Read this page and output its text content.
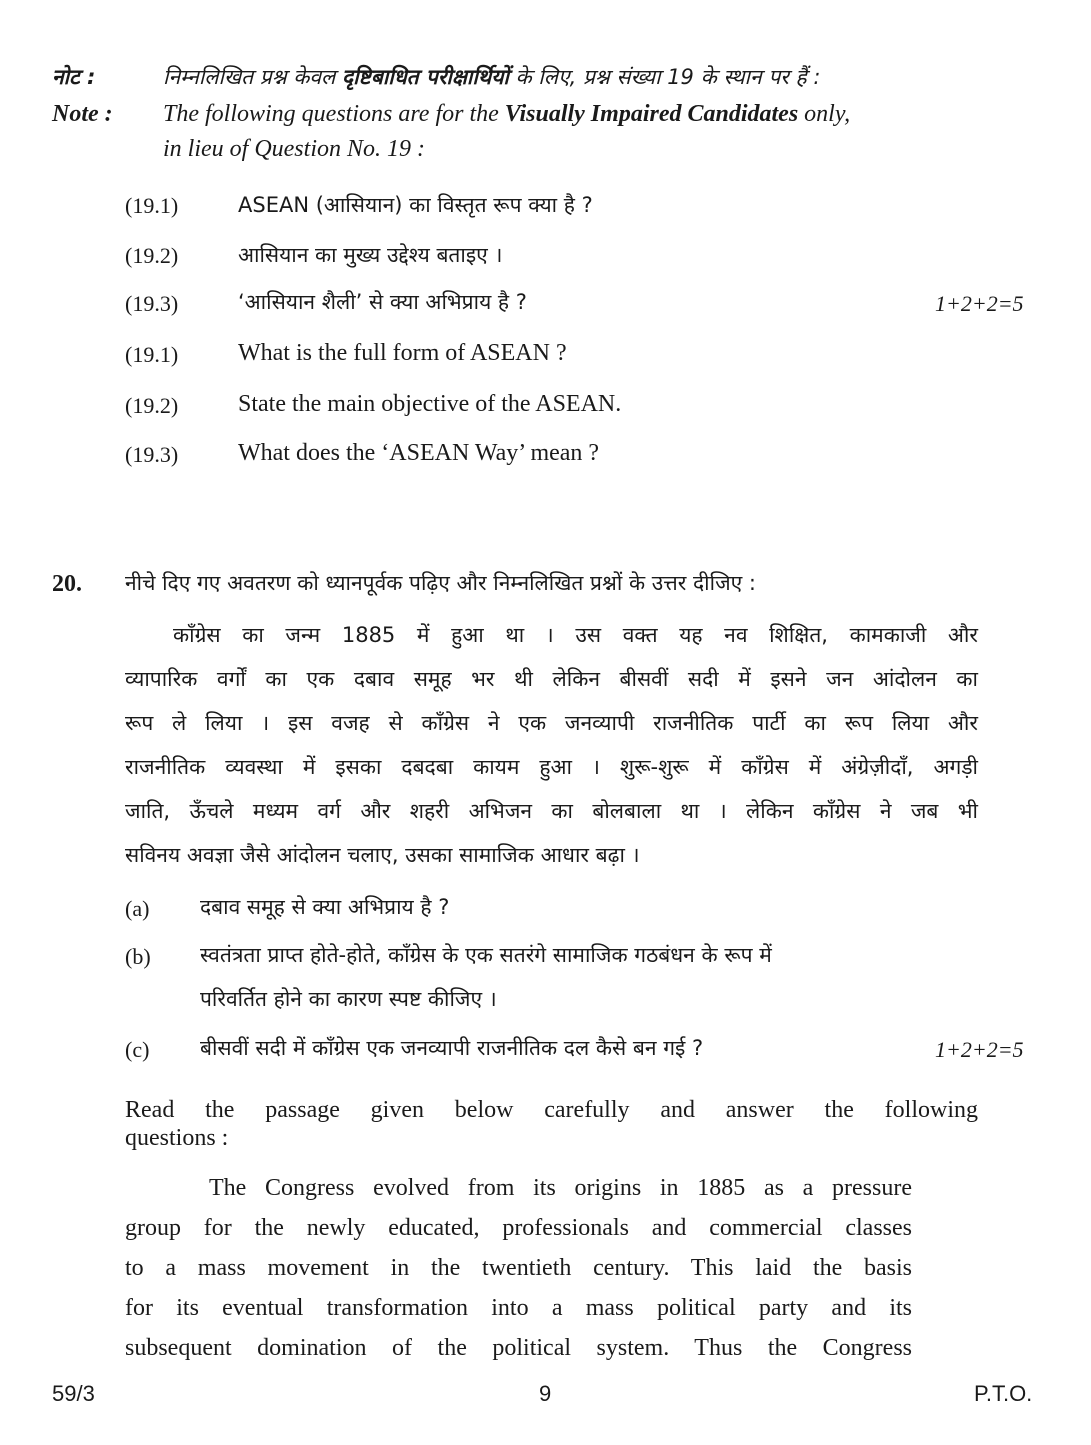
नोट :	निम्नलिखित प्रश्न केवल दृष्टिबाधित परीक्षार्थियों के लिए, प्रश्न संख्या 19 के स्थान पर हैं :
Note : The following questions are for the Visually Impaired Candidates only,
in lieu of Question No. 19 :
(19.1)	ASEAN (आसियान) का विस्तृत रूप क्या है ?
(19.2)	आसियान का मुख्य उद्देश्य बताइए ।
(19.3)	‘आसियान शैली’ से क्या अभिप्राय है ?	1+2+2=5
(19.1) What is the full form of ASEAN ?
(19.2) State the main objective of the ASEAN.
(19.3) What does the ‘ASEAN Way’ mean ?
20. नीचे दिए गए अवतरण को ध्यानपूर्वक पढ़िए और निम्नलिखित प्रश्नों के उत्तर दीजिए :
काँग्रेस का जन्म 1885 में हुआ था । उस वक्त यह नव शिक्षित, कामकाजी और
व्यापारिक वर्गों का एक दबाव समूह भर थी लेकिन बीसवीं सदी में इसने जन आंदोलन का
रूप ले लिया । इस वजह से काँग्रेस ने एक जनव्यापी राजनीतिक पार्टी का रूप लिया और
राजनीतिक व्यवस्था में इसका दबदबा कायम हुआ । शुरू-शुरू में काँग्रेस में अंग्रेज़ीदाँ, अगड़ी
जाति, ऊँचले मध्यम वर्ग और शहरी अभिजन का बोलबाला था । लेकिन काँग्रेस ने जब भी
सविनय अवज्ञा जैसे आंदोलन चलाए, उसका सामाजिक आधार बढ़ा ।
(a) दबाव समूह से क्या अभिप्राय है ?
(b) स्वतंत्रता प्राप्त होते-होते, काँग्रेस के एक सतरंगे सामाजिक गठबंधन के रूप में
परिवर्तित होने का कारण स्पष्ट कीजिए ।
(c) बीसवीं सदी में काँग्रेस एक जनव्यापी राजनीतिक दल कैसे बन गई ?	1+2+2=5
Read the passage given below carefully and answer the following
questions :
The Congress evolved from its origins in 1885 as a pressure
group for the newly educated, professionals and commercial classes
to a mass movement in the twentieth century. This laid the basis
for its eventual transformation into a mass political party and its
subsequent domination of the political system. Thus the Congress
59/3	9	P.T.O.
